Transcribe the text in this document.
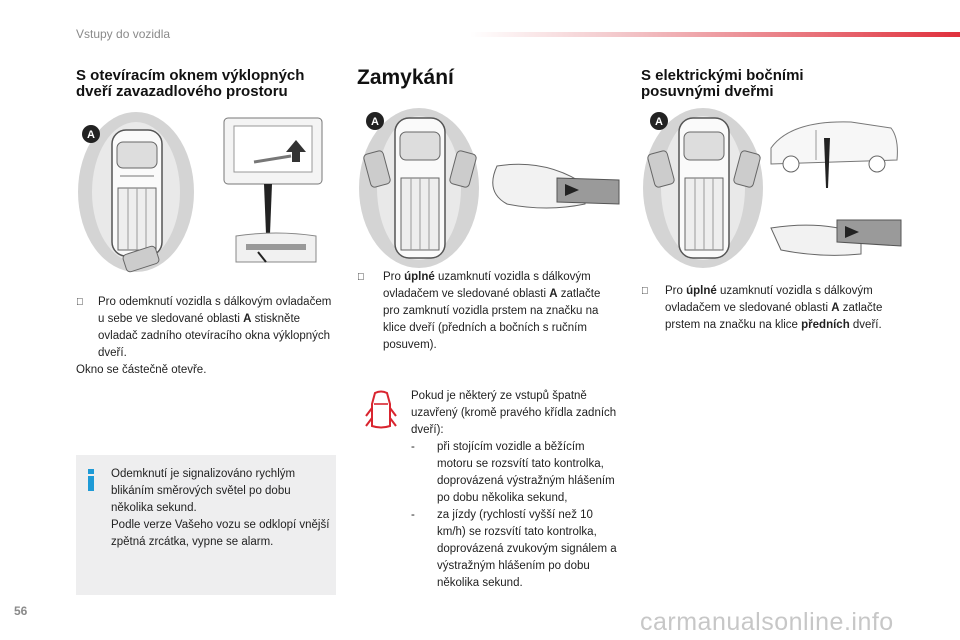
Vstupy do vozidla
S otevíracím oknem výklopných
dveří zavazadlového prostoru
Zamykání	S elektrickými bočními
posuvnými dveřmi
A
A	A
Pro odemknutí vozidla s dálkovým ovladačem u sebe ve sledované oblasti A stiskněte ovladač zadního otevíracího okna výklopných dveří.
Okno se částečně otevře.
Odemknutí je signalizováno rychlým blikáním směrových světel po dobu několika sekund.
Podle verze Vašeho vozu se odklopí vnější zpětná zrcátka, vypne se alarm.
Pro úplné uzamknutí vozidla s dálkovým ovladačem ve sledované oblasti A zatlačte pro zamknutí vozidla prstem na značku na klice dveří (předních a bočních s ručním posuvem).
Pokud je některý ze vstupů špatně uzavřený (kromě pravého křídla zadních dveří):
- při stojícím vozidle a běžícím motoru se rozsvítí tato kontrolka, doprovázená výstražným hlášením po dobu několika sekund,
- za jízdy (rychlostí vyšší než 10 km/h) se rozsvítí tato kontrolka, doprovázená zvukovým signálem a výstražným hlášením po dobu několika sekund.
Pro úplné uzamknutí vozidla s dálkovým ovladačem ve sledované oblasti A zatlačte prstem na značku na klice předních dveří.
56	carmanualsonline.info
